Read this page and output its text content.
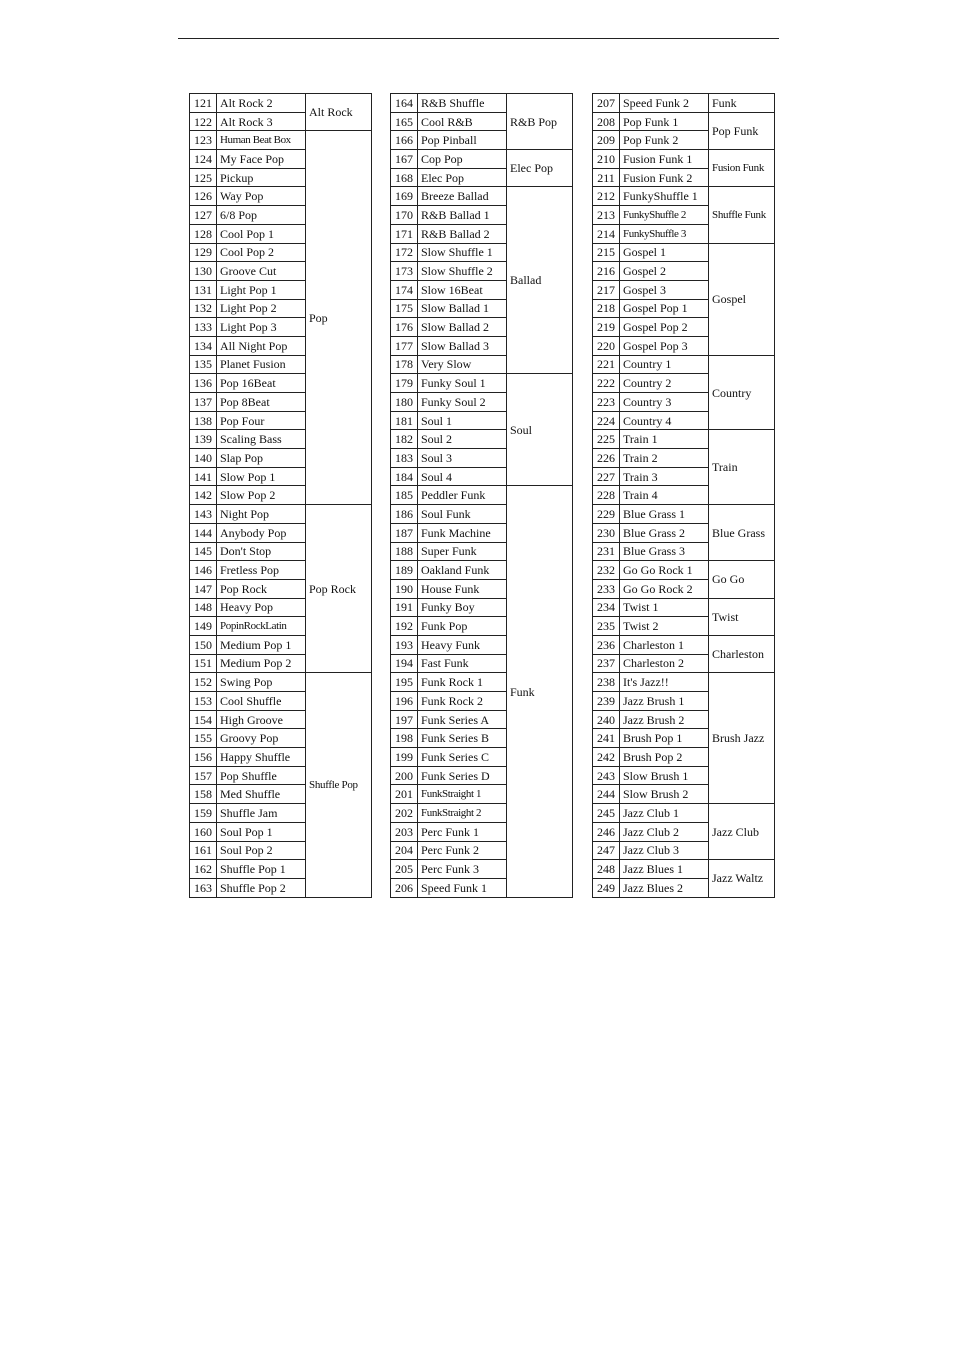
121	Alt Rock 2	Alt Rock
122	Alt Rock 3	
123	Human Beat Box	Pop
124	My Face Pop	
125	Pickup	
126	Way Pop	
127	6/8 Pop	
128	Cool Pop 1	
129	Cool Pop 2	
130	Groove Cut	
131	Light Pop 1	
132	Light Pop 2	
133	Light Pop 3	
134	All Night Pop	
135	Planet Fusion	
136	Pop 16Beat	
137	Pop 8Beat	
138	Pop Four	
139	Scaling Bass	
140	Slap Pop	
141	Slow Pop 1	
142	Slow Pop 2	
143	Night Pop	Pop Rock
144	Anybody Pop	
145	Don't Stop	
146	Fretless Pop	
147	Pop Rock	
148	Heavy Pop	
149	PopinRockLatin	
150	Medium Pop 1	
151	Medium Pop 2	
152	Swing Pop	Shuffle Pop
153	Cool Shuffle	
154	High Groove	
155	Groovy Pop	
156	Happy Shuffle	
157	Pop Shuffle	
158	Med Shuffle	
159	Shuffle Jam	
160	Soul Pop 1	
161	Soul Pop 2	
162	Shuffle Pop 1	
163	Shuffle Pop 2	
164	R&B Shuffle	R&B Pop
165	Cool R&B	
166	Pop Pinball	
167	Cop Pop	Elec Pop
168	Elec Pop	
169	Breeze Ballad	Ballad
170	R&B Ballad 1	
171	R&B Ballad 2	
172	Slow Shuffle 1	
173	Slow Shuffle 2	
174	Slow 16Beat	
175	Slow Ballad 1	
176	Slow Ballad 2	
177	Slow Ballad 3	
178	Very Slow	
179	Funky Soul 1	Soul
180	Funky Soul 2	
181	Soul 1	
182	Soul 2	
183	Soul 3	
184	Soul 4	
185	Peddler Funk	Funk
186	Soul Funk	
187	Funk Machine	
188	Super Funk	
189	Oakland Funk	
190	House Funk	
191	Funky Boy	
192	Funk Pop	
193	Heavy Funk	
194	Fast Funk	
195	Funk Rock 1	
196	Funk Rock 2	
197	Funk Series A	
198	Funk Series B	
199	Funk Series C	
200	Funk Series D	
201	FunkStraight 1	
202	FunkStraight 2	
203	Perc Funk 1	
204	Perc Funk 2	
205	Perc Funk 3	
206	Speed Funk 1	
207	Speed Funk 2	Funk
208	Pop Funk 1	Pop Funk
209	Pop Funk 2	
210	Fusion Funk 1	Fusion Funk
211	Fusion Funk 2	
212	FunkyShuffle 1	Shuffle Funk
213	FunkyShuffle 2	
214	FunkyShuffle 3	
215	Gospel 1	Gospel
216	Gospel 2	
217	Gospel 3	
218	Gospel Pop 1	
219	Gospel Pop 2	
220	Gospel Pop 3	
221	Country 1	Country
222	Country 2	
223	Country 3	
224	Country 4	
225	Train 1	Train
226	Train 2	
227	Train 3	
228	Train 4	
229	Blue Grass 1	Blue Grass
230	Blue Grass 2	
231	Blue Grass 3	
232	Go Go Rock 1	Go Go
233	Go Go Rock 2	
234	Twist 1	Twist
235	Twist 2	
236	Charleston 1	Charleston
237	Charleston 2	
238	It's Jazz!!	Brush Jazz
239	Jazz Brush 1	
240	Jazz Brush 2	
241	Brush Pop 1	
242	Brush Pop 2	
243	Slow Brush 1	
244	Slow Brush 2	
245	Jazz Club 1	Jazz Club
246	Jazz Club 2	
247	Jazz Club 3	
248	Jazz Blues 1	Jazz Waltz
249	Jazz Blues 2	
